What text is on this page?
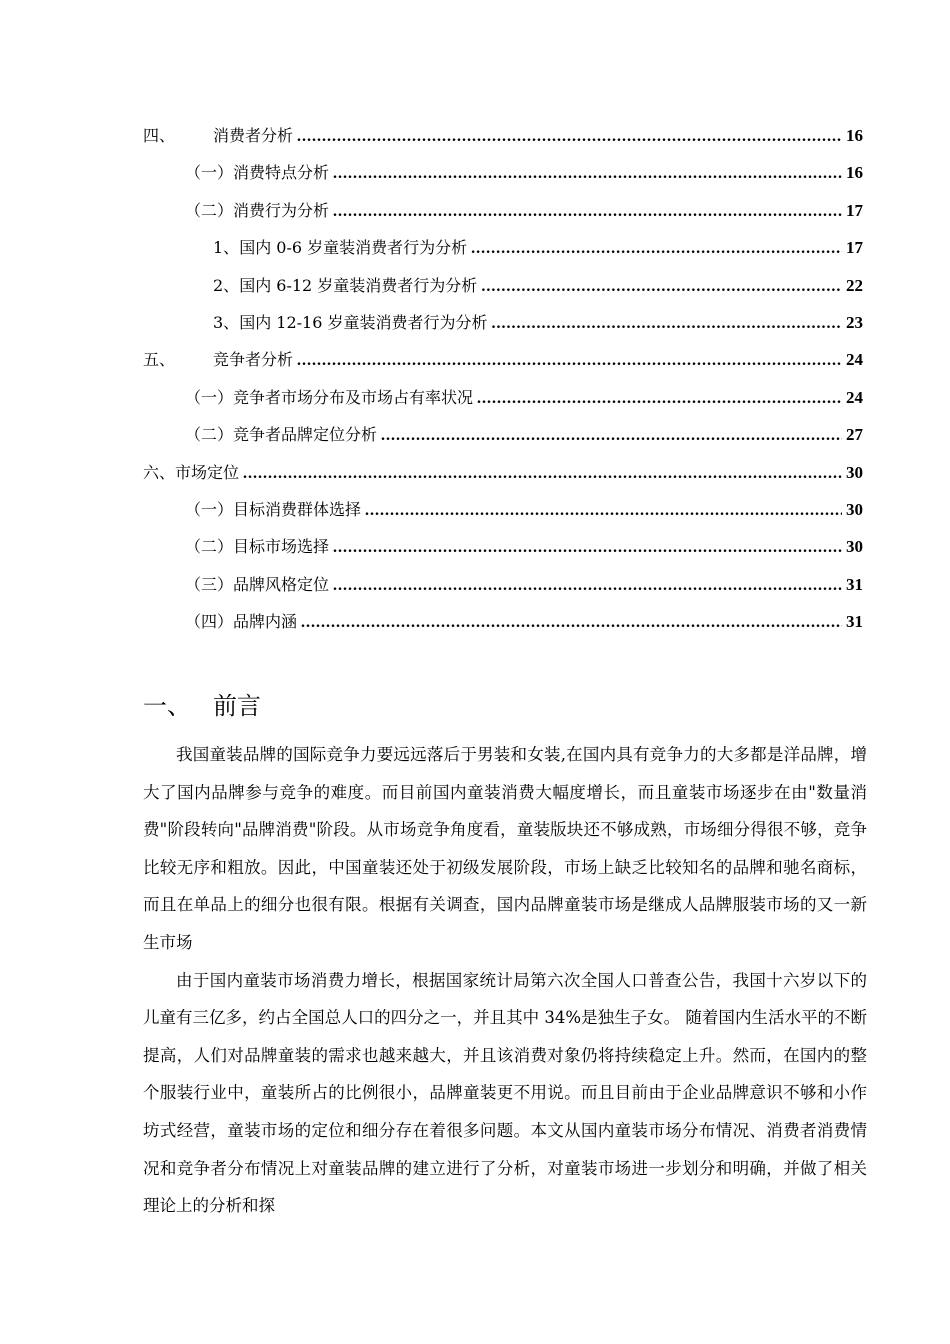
四、	消费者分析 .....	16
（一） 消费特点分析 .....	16
（二） 消费行为分析 .....	17
1、 国内 0-6 岁童装消费者行为分析 .....	17
2、 国内 6-12 岁童装消费者行为分析 .....	22
3、 国内 12-16 岁童装消费者行为分析 .....	23
五、	竞争者分析 .....	24
（一） 竞争者市场分布及市场占有率状况 .....	24
（二） 竞争者品牌定位分析 .....	27
六、 市场定位 .....	30
（一） 目标消费群体选择 .....	30
（二） 目标市场选择 .....	30
（三） 品牌风格定位 .....	31
（四） 品牌内涵 .....	31
一、 前言

我国童装品牌的国际竞争力要远远落后于男装和女装,在国内具有竞争力的大多都是洋品牌，增大了国内品牌参与竞争的难度。而目前国内童装消费大幅度增长，而且童装市场逐步在由"数量消费"阶段转向"品牌消费"阶段。从市场竞争角度看，童装版块还不够成熟，市场细分得很不够，竞争比较无序和粗放。因此，中国童装还处于初级发展阶段，市场上缺乏比较知名的品牌和驰名商标，而且在单品上的细分也很有限。根据有关调查，国内品牌童装市场是继成人品牌服装市场的又一新生市场

由于国内童装市场消费力增长，根据国家统计局第六次全国人口普查公告，我国十六岁以下的儿童有三亿多，约占全国总人口的四分之一，并且其中 34%是独生子女。 随着国内生活水平的不断提高，人们对品牌童装的需求也越来越大，并且该消费对象仍将持续稳定上升。然而，在国内的整个服装行业中，童装所占的比例很小，品牌童装更不用说。而且目前由于企业品牌意识不够和小作坊式经营，童装市场的定位和细分存在着很多问题。本文从国内童装市场分布情况、消费者消费情况和竞争者分布情况上对童装品牌的建立进行了分析，对童装市场进一步划分和明确，并做了相关理论上的分析和探
